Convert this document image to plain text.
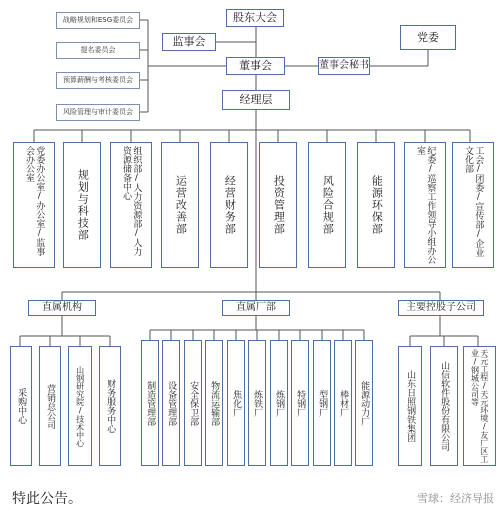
战略规划和ESG委员会
提名委员会
预算薪酬与考核委员会
风险管理与审计委员会
股东大会
监事会
董事会	董事会秘书
党委
经理层
党委办公室/办公室/监事会办公室
规划与科技部	组织部/人力资源部/人力资源储备中心
运营改善部	经营财务部	投资管理部	风险合规部	能源环保部	纪委/巡察工作领导小组办公室	工会/团委/宣传部/企业文化部
直属机构	直属厂部	主要控股子公司
采购中心 营销总公司	山钢研究院/技术中心 财务服务中心	制造管理部 设备管理部 安全保卫部 物流运输部 焦化厂 炼铁厂 炼钢厂 特钢厂 型钢厂 棒材厂 能源动力厂	山东日照钢铁集团	山信软件股份有限公司	天元工程/天元环境/友厂区工业/钢城公司等
特此公告。	雪球：经济导报
